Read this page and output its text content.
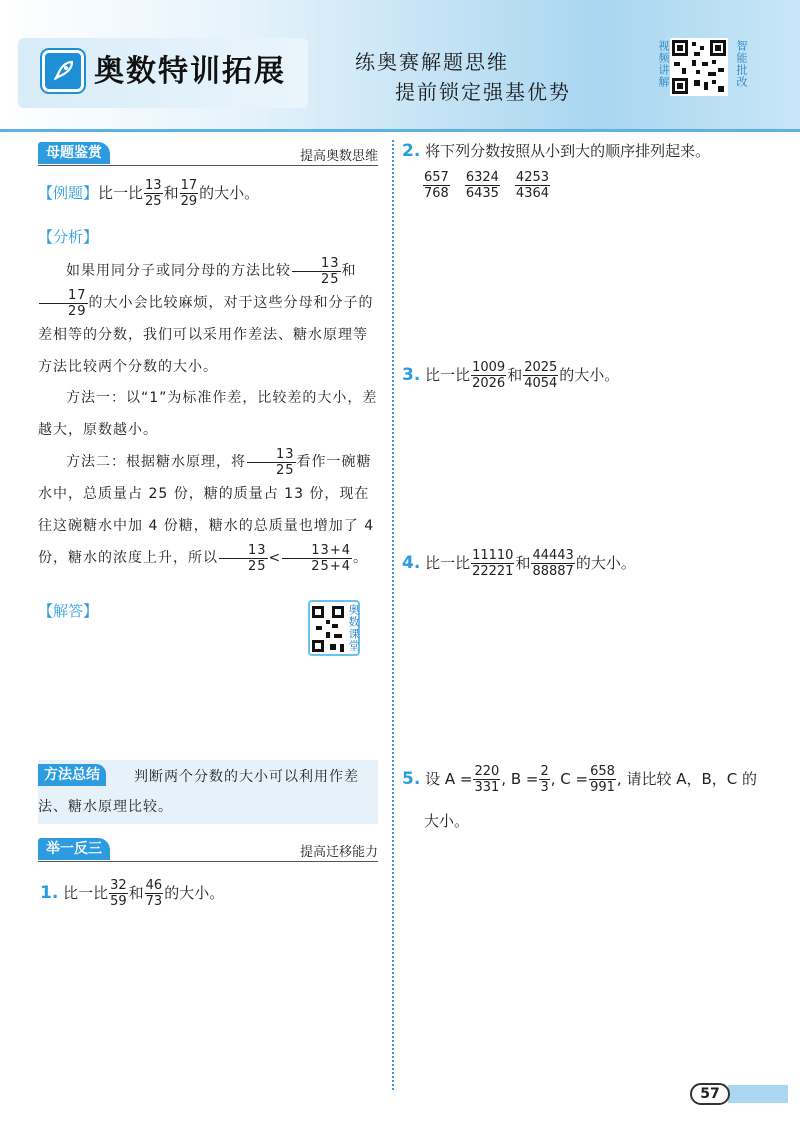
奥数特训拓展	练奥赛解题思维
提前锁定强基优势
视频讲解	智能批改
母题鉴赏	提高奥数思维
【例题】比一比 $\frac{13}{25}$ 和 $\frac{17}{29}$ 的大小。
【分析】
如果用同分子或同分母的方法比较 $\frac{13}{25}$ 和
$\frac{17}{29}$ 的大小会比较麻烦，对于这些分母和分子的差相等的分数，我们可以采用作差法、糖水原理等方法比较两个分数的大小。
方法一：以“1”为标准作差，比较差的大小，差越大，原数越小。
方法二：根据糖水原理，将 $\frac{13}{25}$ 看作一碗糖水中，总质量占 25 份，糖的质量占 13 份，现在往这碗糖水中加 4 份糖，糖水的总质量也增加了 4 份，糖水的浓度上升，所以 $\frac{13}{25} < \frac{13+4}{25+4}$ 。
【解答】	奥数课堂
方法总结	判断两个分数的大小可以利用作差法、糖水原理比较。
举一反三	提高迁移能力
1. 比一比 $\frac{32}{59}$ 和 $\frac{46}{73}$ 的大小。
2. 将下列分数按照从小到大的顺序排列起来。
$\frac{657}{768} \frac{6324}{6435} \frac{4253}{4364}$
3. 比一比 $\frac{1009}{2026}$ 和 $\frac{2025}{4054}$ 的大小。
4. 比一比 $\frac{11110}{22221}$ 和 $\frac{44443}{88887}$ 的大小。
5. 设 $A = \frac{220}{331}$ , $B = \frac{2}{3}$ , $C = \frac{658}{991}$ , 请比较 A，B，C 的
大小。
57
